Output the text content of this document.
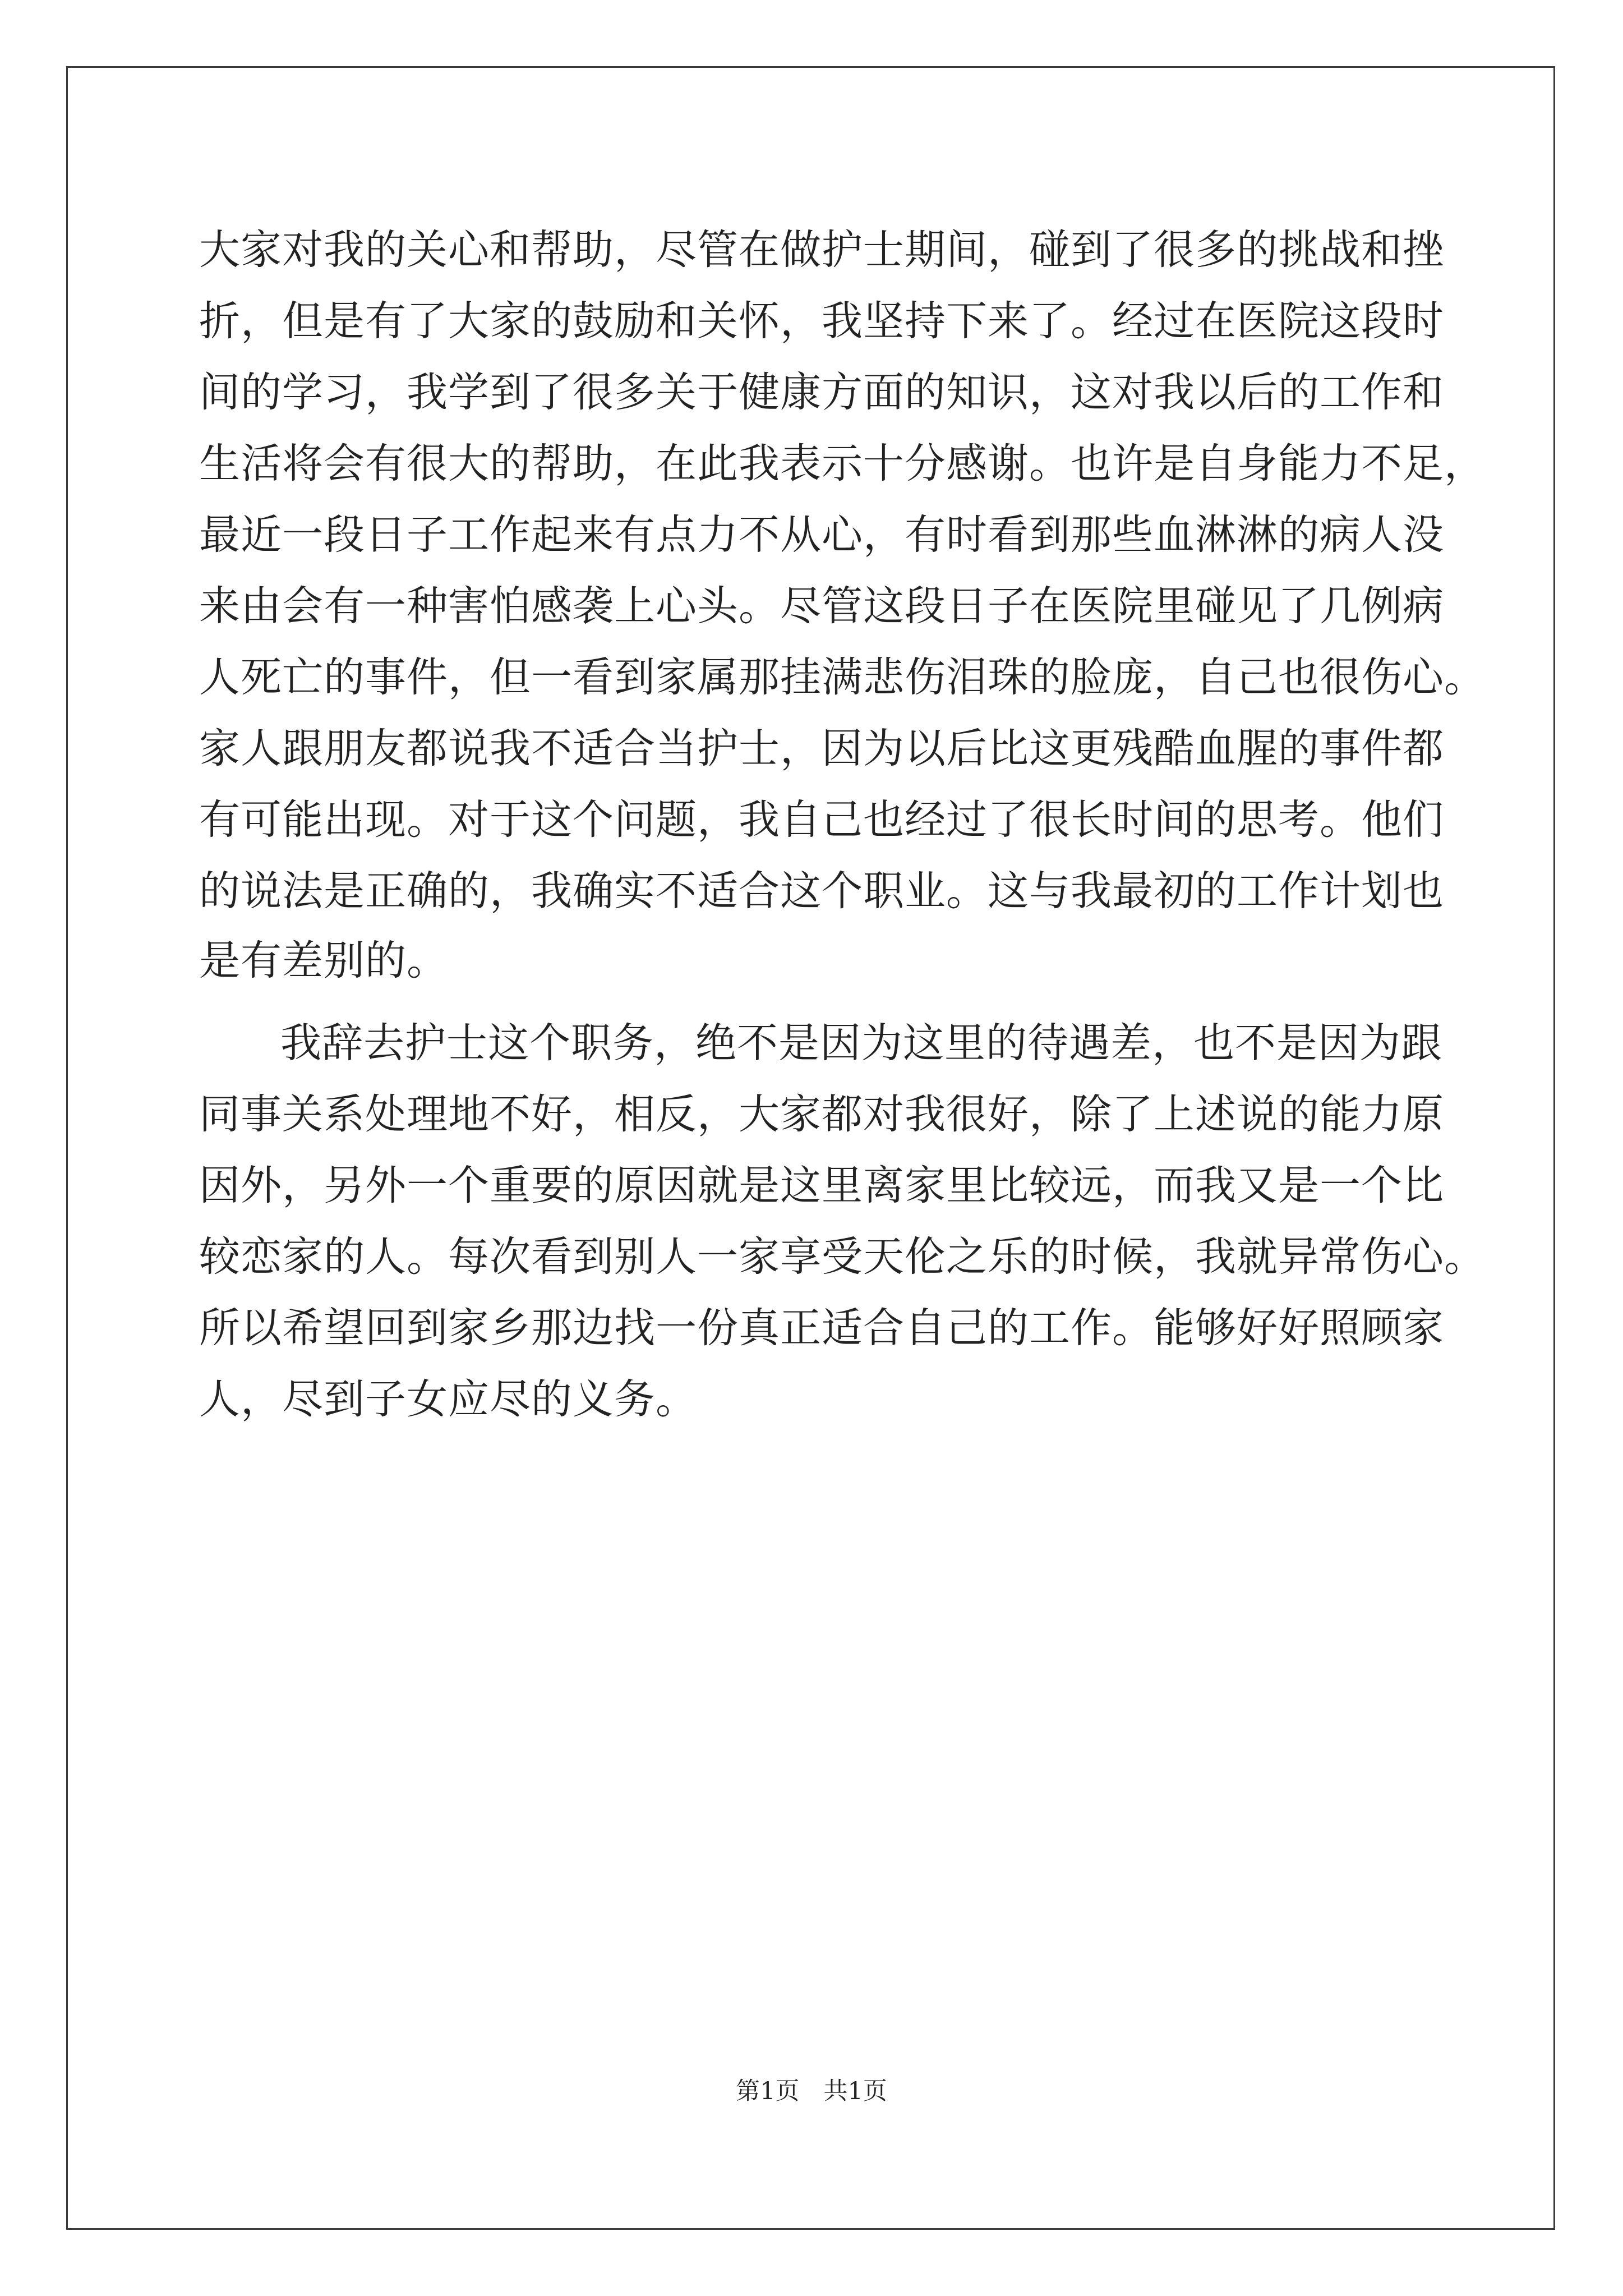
大家对我的关心和帮助，尽管在做护士期间，碰到了很多的挑战和挫
折，但是有了大家的鼓励和关怀，我坚持下来了。经过在医院这段时
间的学习，我学到了很多关于健康方面的知识，这对我以后的工作和
生活将会有很大的帮助，在此我表示十分感谢。也许是自身能力不足，
最近一段日子工作起来有点力不从心，有时看到那些血淋淋的病人没
来由会有一种害怕感袭上心头。尽管这段日子在医院里碰见了几例病
人死亡的事件，但一看到家属那挂满悲伤泪珠的脸庞，自己也很伤心。
家人跟朋友都说我不适合当护士，因为以后比这更残酷血腥的事件都
有可能出现。对于这个问题，我自己也经过了很长时间的思考。他们
的说法是正确的，我确实不适合这个职业。这与我最初的工作计划也
是有差别的。
我辞去护士这个职务，绝不是因为这里的待遇差，也不是因为跟
同事关系处理地不好，相反，大家都对我很好，除了上述说的能力原
因外，另外一个重要的原因就是这里离家里比较远，而我又是一个比
较恋家的人。每次看到别人一家享受天伦之乐的时候，我就异常伤心。
所以希望回到家乡那边找一份真正适合自己的工作。能够好好照顾家
人，尽到子女应尽的义务。
第1页　共1页
